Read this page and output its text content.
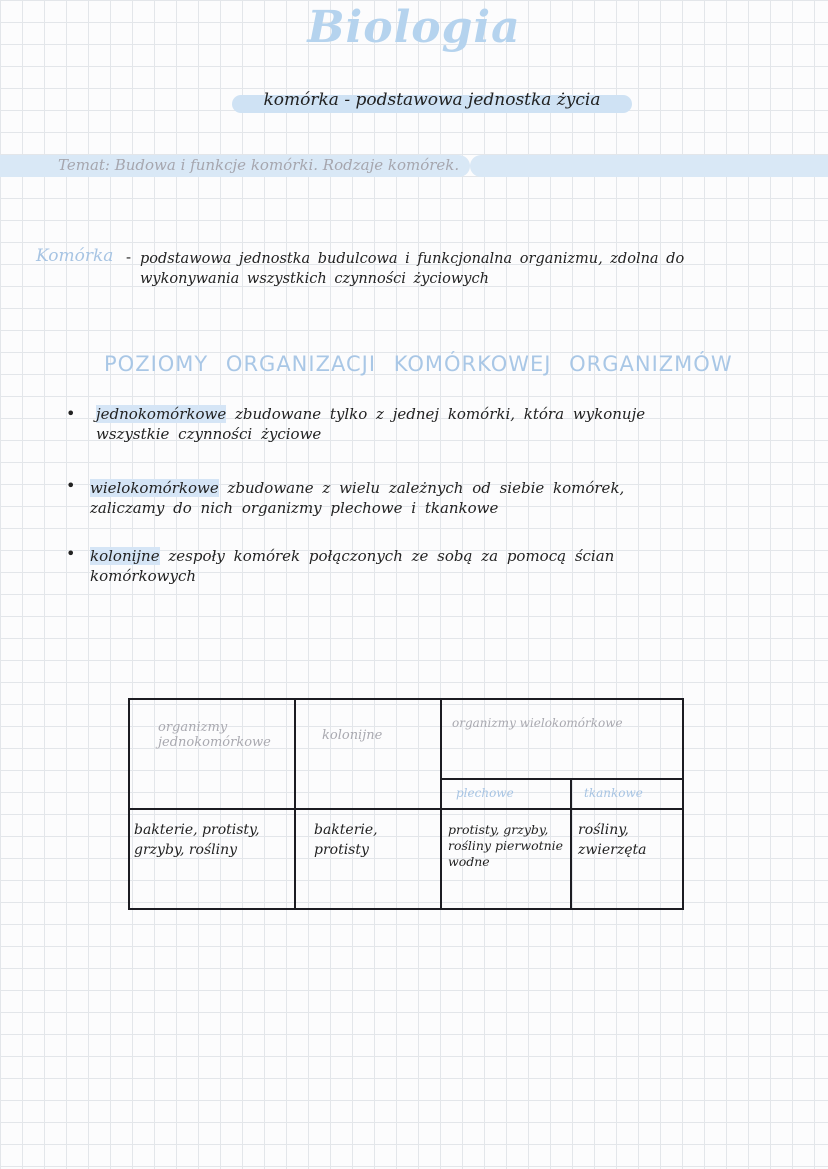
Biologia
komórka - podstawowa jednostka życia
Temat: Budowa i funkcje komórki. Rodzaje komórek.
Komórka - podstawowa jednostka budulcowa i funkcjonalna organizmu, zdolna do wykonywania wszystkich czynności życiowych
POZIOMY ORGANIZACJI KOMÓRKOWEJ ORGANIZMÓW
• jednokomórkowe zbudowane tylko z jednej komórki, która wykonuje wszystkie czynności życiowe
• wielokomórkowe zbudowane z wielu zależnych od siebie komórek, zaliczamy do nich organizmy plechowe i tkankowe
• kolonijne zespoły komórek połączonych ze sobą za pomocą ścian komórkowych
organizmy jednokomórkowe	kolonijne	organizmy wielokomórkowe	

		plechowe	tkankowe

bakterie, protisty, grzyby, rośliny	bakterie, protisty	protisty, grzyby, rośliny pierwotnie wodne	rośliny, zwierzęta
